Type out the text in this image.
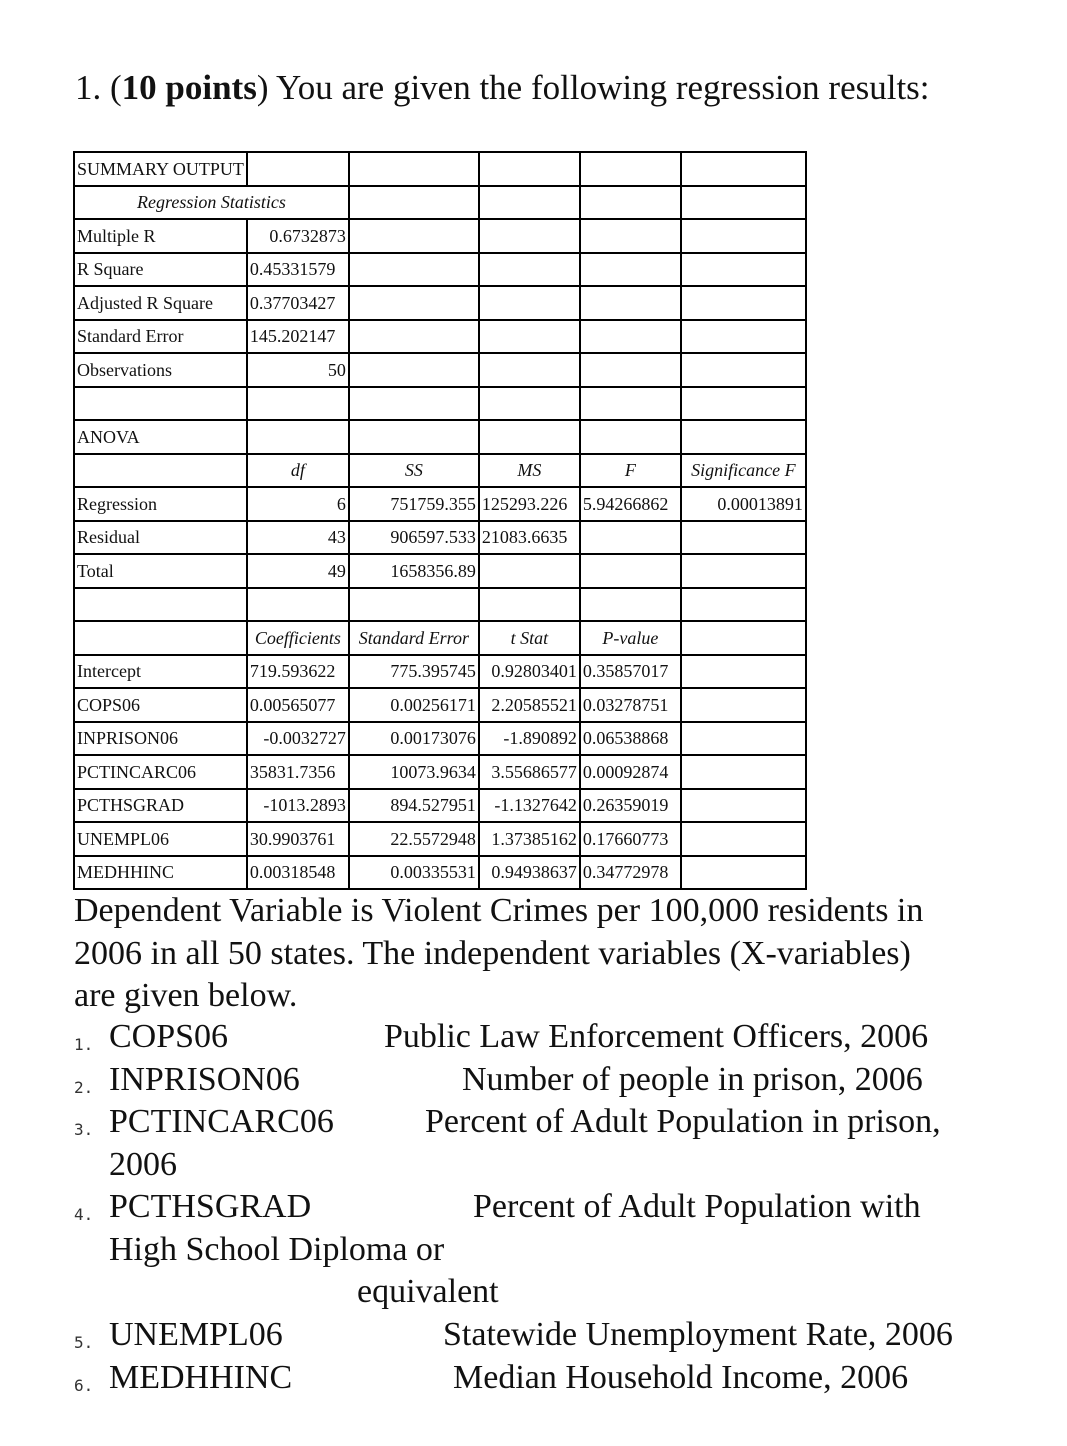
1. (10 points) You are given the following regression results:
SUMMARY OUTPUT					
Regression Statistics					
Multiple R	0.6732873				
R Square	0.45331579				
Adjusted R Square	0.37703427				
Standard Error	145.202147				
Observations	50				

ANOVA					
	df	SS	MS	F	Significance F
Regression	6	751759.355	125293.226	5.94266862	0.00013891
Residual	43	906597.533	21083.6635		
Total	49	1658356.89			

	Coefficients	Standard Error	t Stat	P-value	
Intercept	719.593622	775.395745	0.92803401	0.35857017	
COPS06	0.00565077	0.00256171	2.20585521	0.03278751	
INPRISON06	-0.0032727	0.00173076	-1.890892	0.06538868	
PCTINCARC06	35831.7356	10073.9634	3.55686577	0.00092874	
PCTHSGRAD	-1013.2893	894.527951	-1.1327642	0.26359019	
UNEMPL06	30.9903761	22.5572948	1.37385162	0.17660773	
MEDHHINC	0.00318548	0.00335531	0.94938637	0.34772978	
Dependent Variable is Violent Crimes per 100,000 residents in
2006 in all 50 states. The independent variables (X-variables)
are given below.
1. COPS06	Public Law Enforcement Officers, 2006
2. INPRISON06	Number of people in prison, 2006
3. PCTINCARC06	Percent of Adult Population in prison,
2006
4. PCTHSGRAD	Percent of Adult Population with
High School Diploma or
equivalent
5. UNEMPL06	Statewide Unemployment Rate, 2006
6. MEDHHINC	Median Household Income, 2006
